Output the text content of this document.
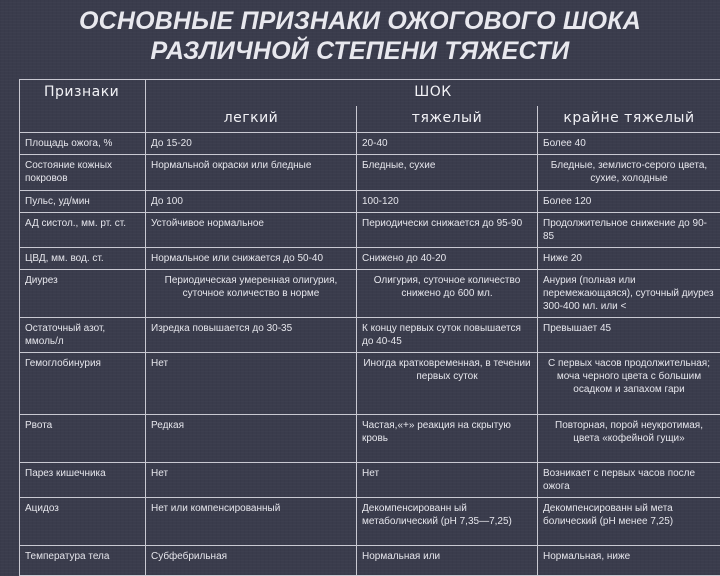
ОСНОВНЫЕ ПРИЗНАКИ ОЖОГОВОГО ШОКА
РАЗЛИЧНОЙ СТЕПЕНИ ТЯЖЕСТИ
Признаки	ШОК		
	легкий	тяжелый	крайне тяжелый
Площадь ожога, %	До 15-20	20-40	Более 40
Состояние кожных покровов	Нормальной окраски или бледные	Бледные, сухие	Бледные, землисто-серого цвета, сухие, холодные
Пульс, уд/мин	До 100	100-120	Более 120
АД систол., мм. рт. ст.	Устойчивое нормальное	Периодически снижается до 95-90	Продолжительное снижение до 90-85
ЦВД, мм. вод. ст.	Нормальное или снижается до 50-40	Снижено до 40-20	Ниже 20
Диурез	Периодическая умеренная олигурия, суточное количество в норме	Олигурия, суточное количество снижено до 600 мл.	Анурия (полная или перемежающаяся), суточный диурез 300-400 мл. или <
Остаточный азот, ммоль/л	Изредка повышается до 30-35	К концу первых суток повышается до 40-45	Превышает 45
Гемоглобинурия	Нет	Иногда кратковременная, в течении первых суток	С первых часов продолжительная; моча черного цвета с большим осадком и запахом гари
Рвота	Редкая	Частая,«+» реакция на скрытую кровь	Повторная, порой неукротимая, цвета «кофейной гущи»
Парез кишечника	Нет	Нет	Возникает с первых часов после ожога
Ацидоз	Нет или компенсированный	Декомпенсированн ый метаболический (pH 7,35—7,25)	Декомпенсированн ый мета болический (pH менее 7,25)
Температура тела	Субфебрильная	Нормальная или	Нормальная, ниже
